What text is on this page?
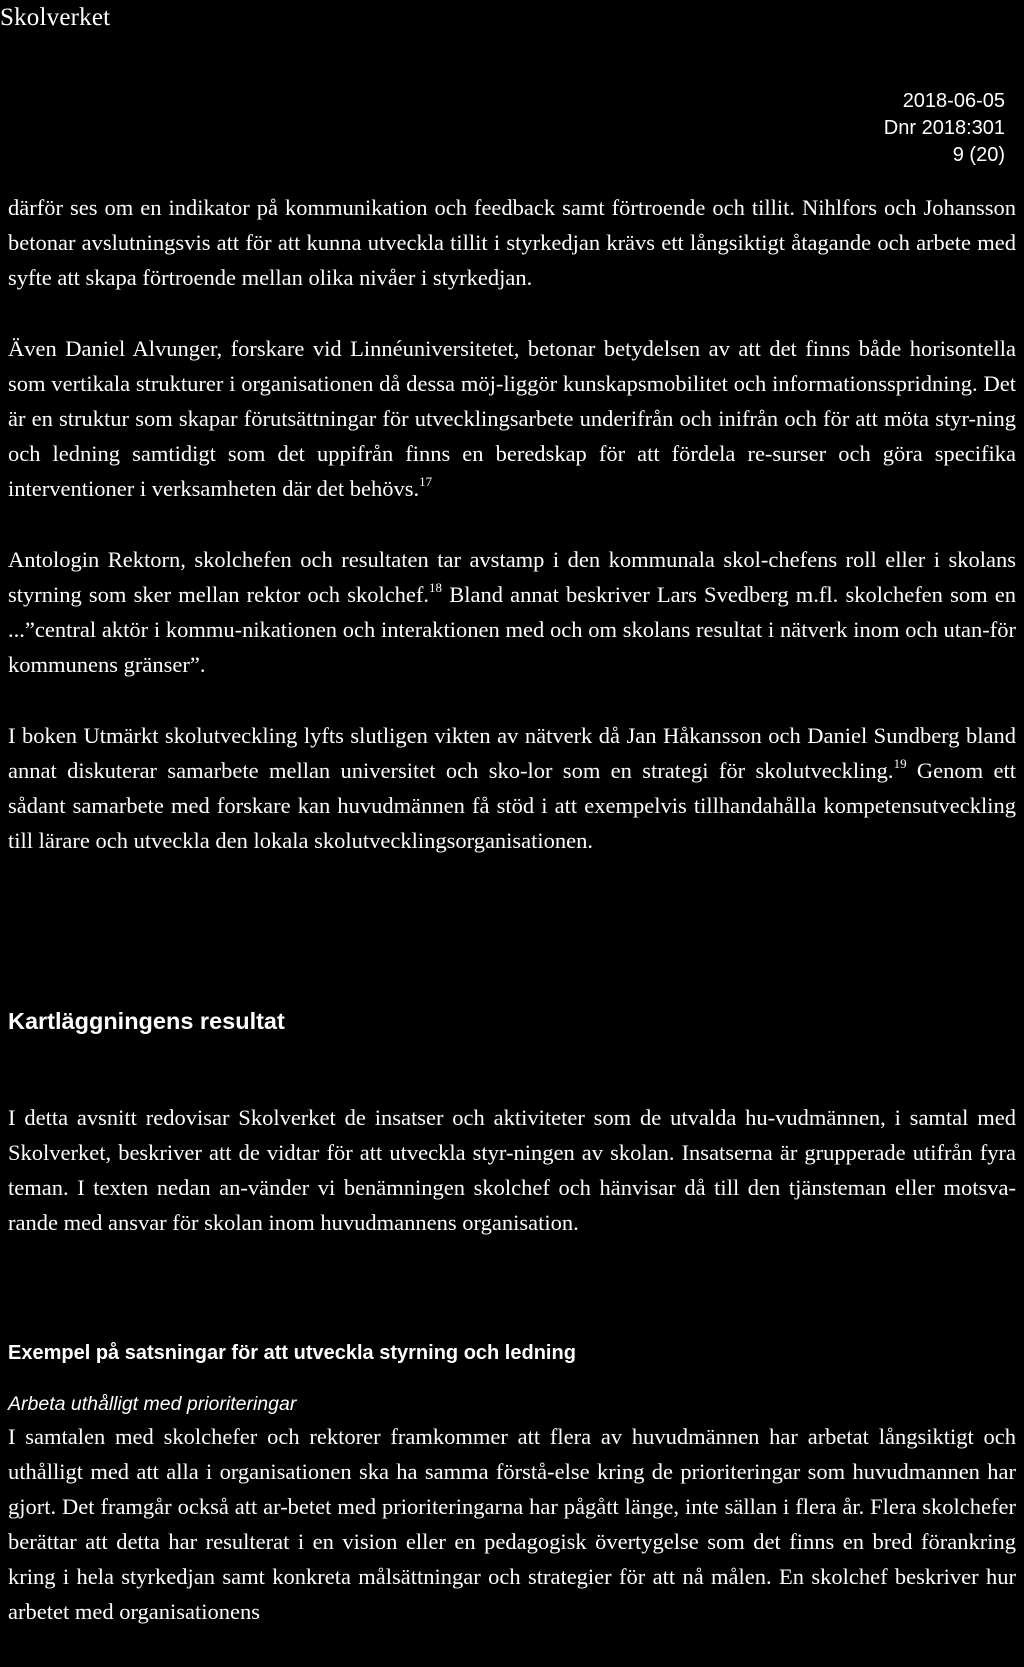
Skolverket
2018-06-05
Dnr 2018:301
9 (20)

därför ses om en indikator på kommunikation och feedback samt förtroende och tillit. Nihlfors och Johansson betonar avslutningsvis att för att kunna utveckla tillit i styrkedjan krävs ett långsiktigt åtagande och arbete med syfte att skapa förtroende mellan olika nivåer i styrkedjan.

Även Daniel Alvunger, forskare vid Linnéuniversitetet, betonar betydelsen av att det finns både horisontella som vertikala strukturer i organisationen då dessa möj-liggör kunskapsmobilitet och informationsspridning. Det är en struktur som skapar förutsättningar för utvecklingsarbete underifrån och inifrån och för att möta styr-ning och ledning samtidigt som det uppifrån finns en beredskap för att fördela re-surser och göra specifika interventioner i verksamheten där det behövs.$^{17}$

Antologin Rektorn, skolchefen och resultaten tar avstamp i den kommunala skol-chefens roll eller i skolans styrning som sker mellan rektor och skolchef.$^{18}$ Bland annat beskriver Lars Svedberg m.fl. skolchefen som en ...”central aktör i kommu-nikationen och interaktionen med och om skolans resultat i nätverk inom och utan-för kommunens gränser”.

I boken Utmärkt skolutveckling lyfts slutligen vikten av nätverk då Jan Håkansson och Daniel Sundberg bland annat diskuterar samarbete mellan universitet och sko-lor som en strategi för skolutveckling.$^{19}$ Genom ett sådant samarbete med forskare kan huvudmännen få stöd i att exempelvis tillhandahålla kompetensutveckling till lärare och utveckla den lokala skolutvecklingsorganisationen.

Kartläggningens resultat

I detta avsnitt redovisar Skolverket de insatser och aktiviteter som de utvalda hu-vudmännen, i samtal med Skolverket, beskriver att de vidtar för att utveckla styr-ningen av skolan. Insatserna är grupperade utifrån fyra teman. I texten nedan an-vänder vi benämningen skolchef och hänvisar då till den tjänsteman eller motsva-rande med ansvar för skolan inom huvudmannens organisation.

Exempel på satsningar för att utveckla styrning och ledning
Arbeta uthålligt med prioriteringar

I samtalen med skolchefer och rektorer framkommer att flera av huvudmännen har arbetat långsiktigt och uthålligt med att alla i organisationen ska ha samma förstå-else kring de prioriteringar som huvudmannen har gjort. Det framgår också att ar-betet med prioriteringarna har pågått länge, inte sällan i flera år. Flera skolchefer berättar att detta har resulterat i en vision eller en pedagogisk övertygelse som det finns en bred förankring kring i hela styrkedjan samt konkreta målsättningar och strategier för att nå målen. En skolchef beskriver hur arbetet med organisationens
